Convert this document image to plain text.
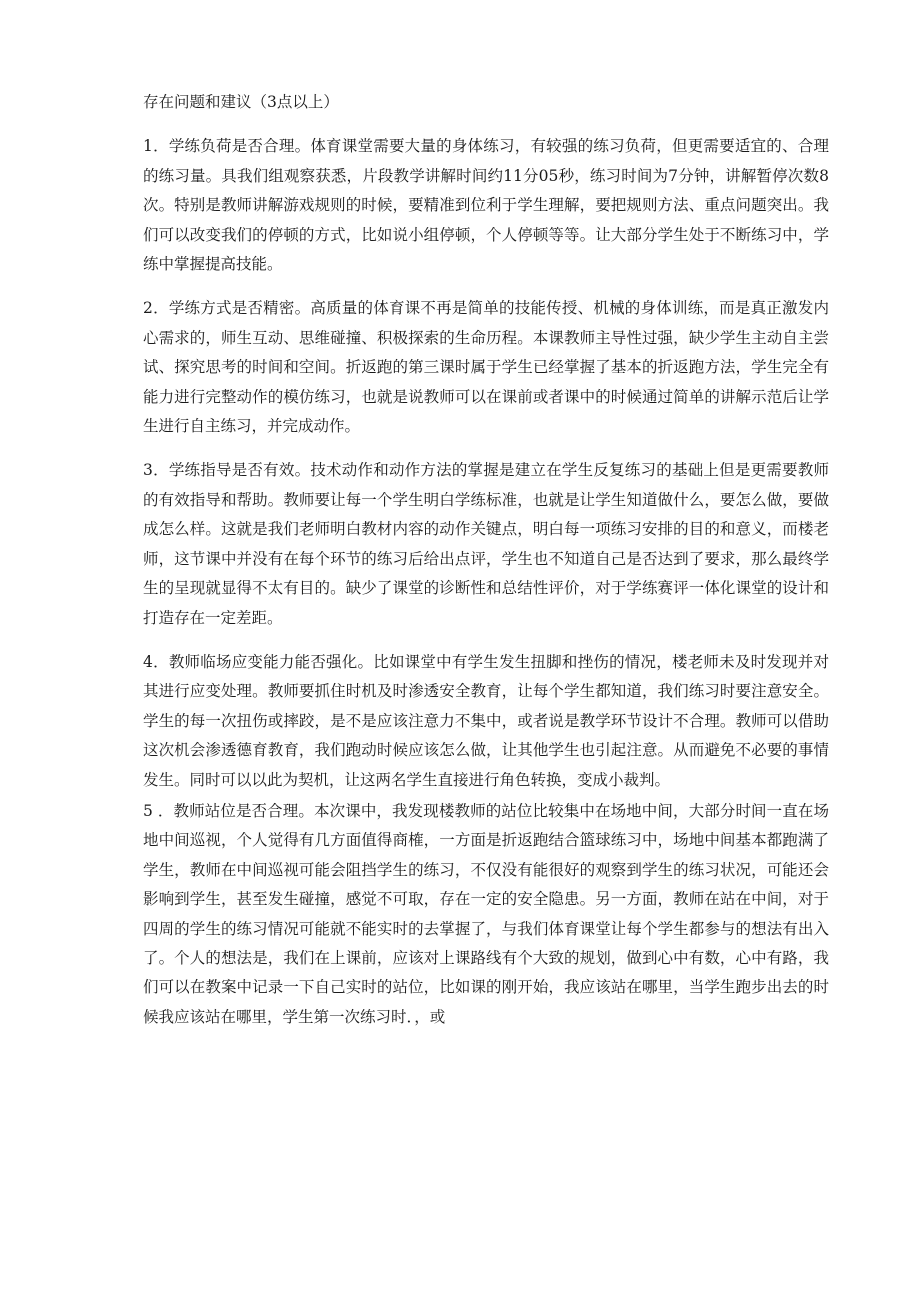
存在问题和建议（3点以上）

1．学练负荷是否合理。体育课堂需要大量的身体练习，有较强的练习负荷，但更需要适宜的、合理的练习量。具我们组观察获悉，片段教学讲解时间约11分05秒，练习时间为7分钟，讲解暂停次数8次。特别是教师讲解游戏规则的时候，要精准到位利于学生理解，要把规则方法、重点问题突出。我们可以改变我们的停顿的方式，比如说小组停顿，个人停顿等等。让大部分学生处于不断练习中，学练中掌握提高技能。

2．学练方式是否精密。高质量的体育课不再是简单的技能传授、机械的身体训练，而是真正激发内心需求的，师生互动、思维碰撞、积极探索的生命历程。本课教师主导性过强，缺少学生主动自主尝试、探究思考的时间和空间。折返跑的第三课时属于学生已经掌握了基本的折返跑方法，学生完全有能力进行完整动作的模仿练习，也就是说教师可以在课前或者课中的时候通过简单的讲解示范后让学生进行自主练习，并完成动作。

3．学练指导是否有效。技术动作和动作方法的掌握是建立在学生反复练习的基础上但是更需要教师的有效指导和帮助。教师要让每一个学生明白学练标准，也就是让学生知道做什么，要怎么做，要做成怎么样。这就是我们老师明白教材内容的动作关键点，明白每一项练习安排的目的和意义，而楼老师，这节课中并没有在每个环节的练习后给出点评，学生也不知道自己是否达到了要求，那么最终学生的呈现就显得不太有目的。缺少了课堂的诊断性和总结性评价，对于学练赛评一体化课堂的设计和打造存在一定差距。

4．教师临场应变能力能否强化。比如课堂中有学生发生扭脚和挫伤的情况，楼老师未及时发现并对其进行应变处理。教师要抓住时机及时渗透安全教育，让每个学生都知道，我们练习时要注意安全。学生的每一次扭伤或摔跤，是不是应该注意力不集中，或者说是教学环节设计不合理。教师可以借助这次机会渗透德育教育，我们跑动时候应该怎么做，让其他学生也引起注意。从而避免不必要的事情发生。同时可以以此为契机，让这两名学生直接进行角色转换，变成小裁判。

5 ．教师站位是否合理。本次课中，我发现楼教师的站位比较集中在场地中间，大部分时间一直在场地中间巡视，个人觉得有几方面值得商榷，一方面是折返跑结合篮球练习中，场地中间基本都跑满了学生，教师在中间巡视可能会阻挡学生的练习，不仅没有能很好的观察到学生的练习状况，可能还会影响到学生，甚至发生碰撞，感觉不可取，存在一定的安全隐患。另一方面，教师在站在中间，对于四周的学生的练习情况可能就不能实时的去掌握了，与我们体育课堂让每个学生都参与的想法有出入了。个人的想法是，我们在上课前，应该对上课路线有个大致的规划，做到心中有数，心中有路，我们可以在教案中记录一下自己实时的站位，比如课的刚开始，我应该站在哪里，当学生跑步出去的时候我应该站在哪里，学生第一次练习时．，或
